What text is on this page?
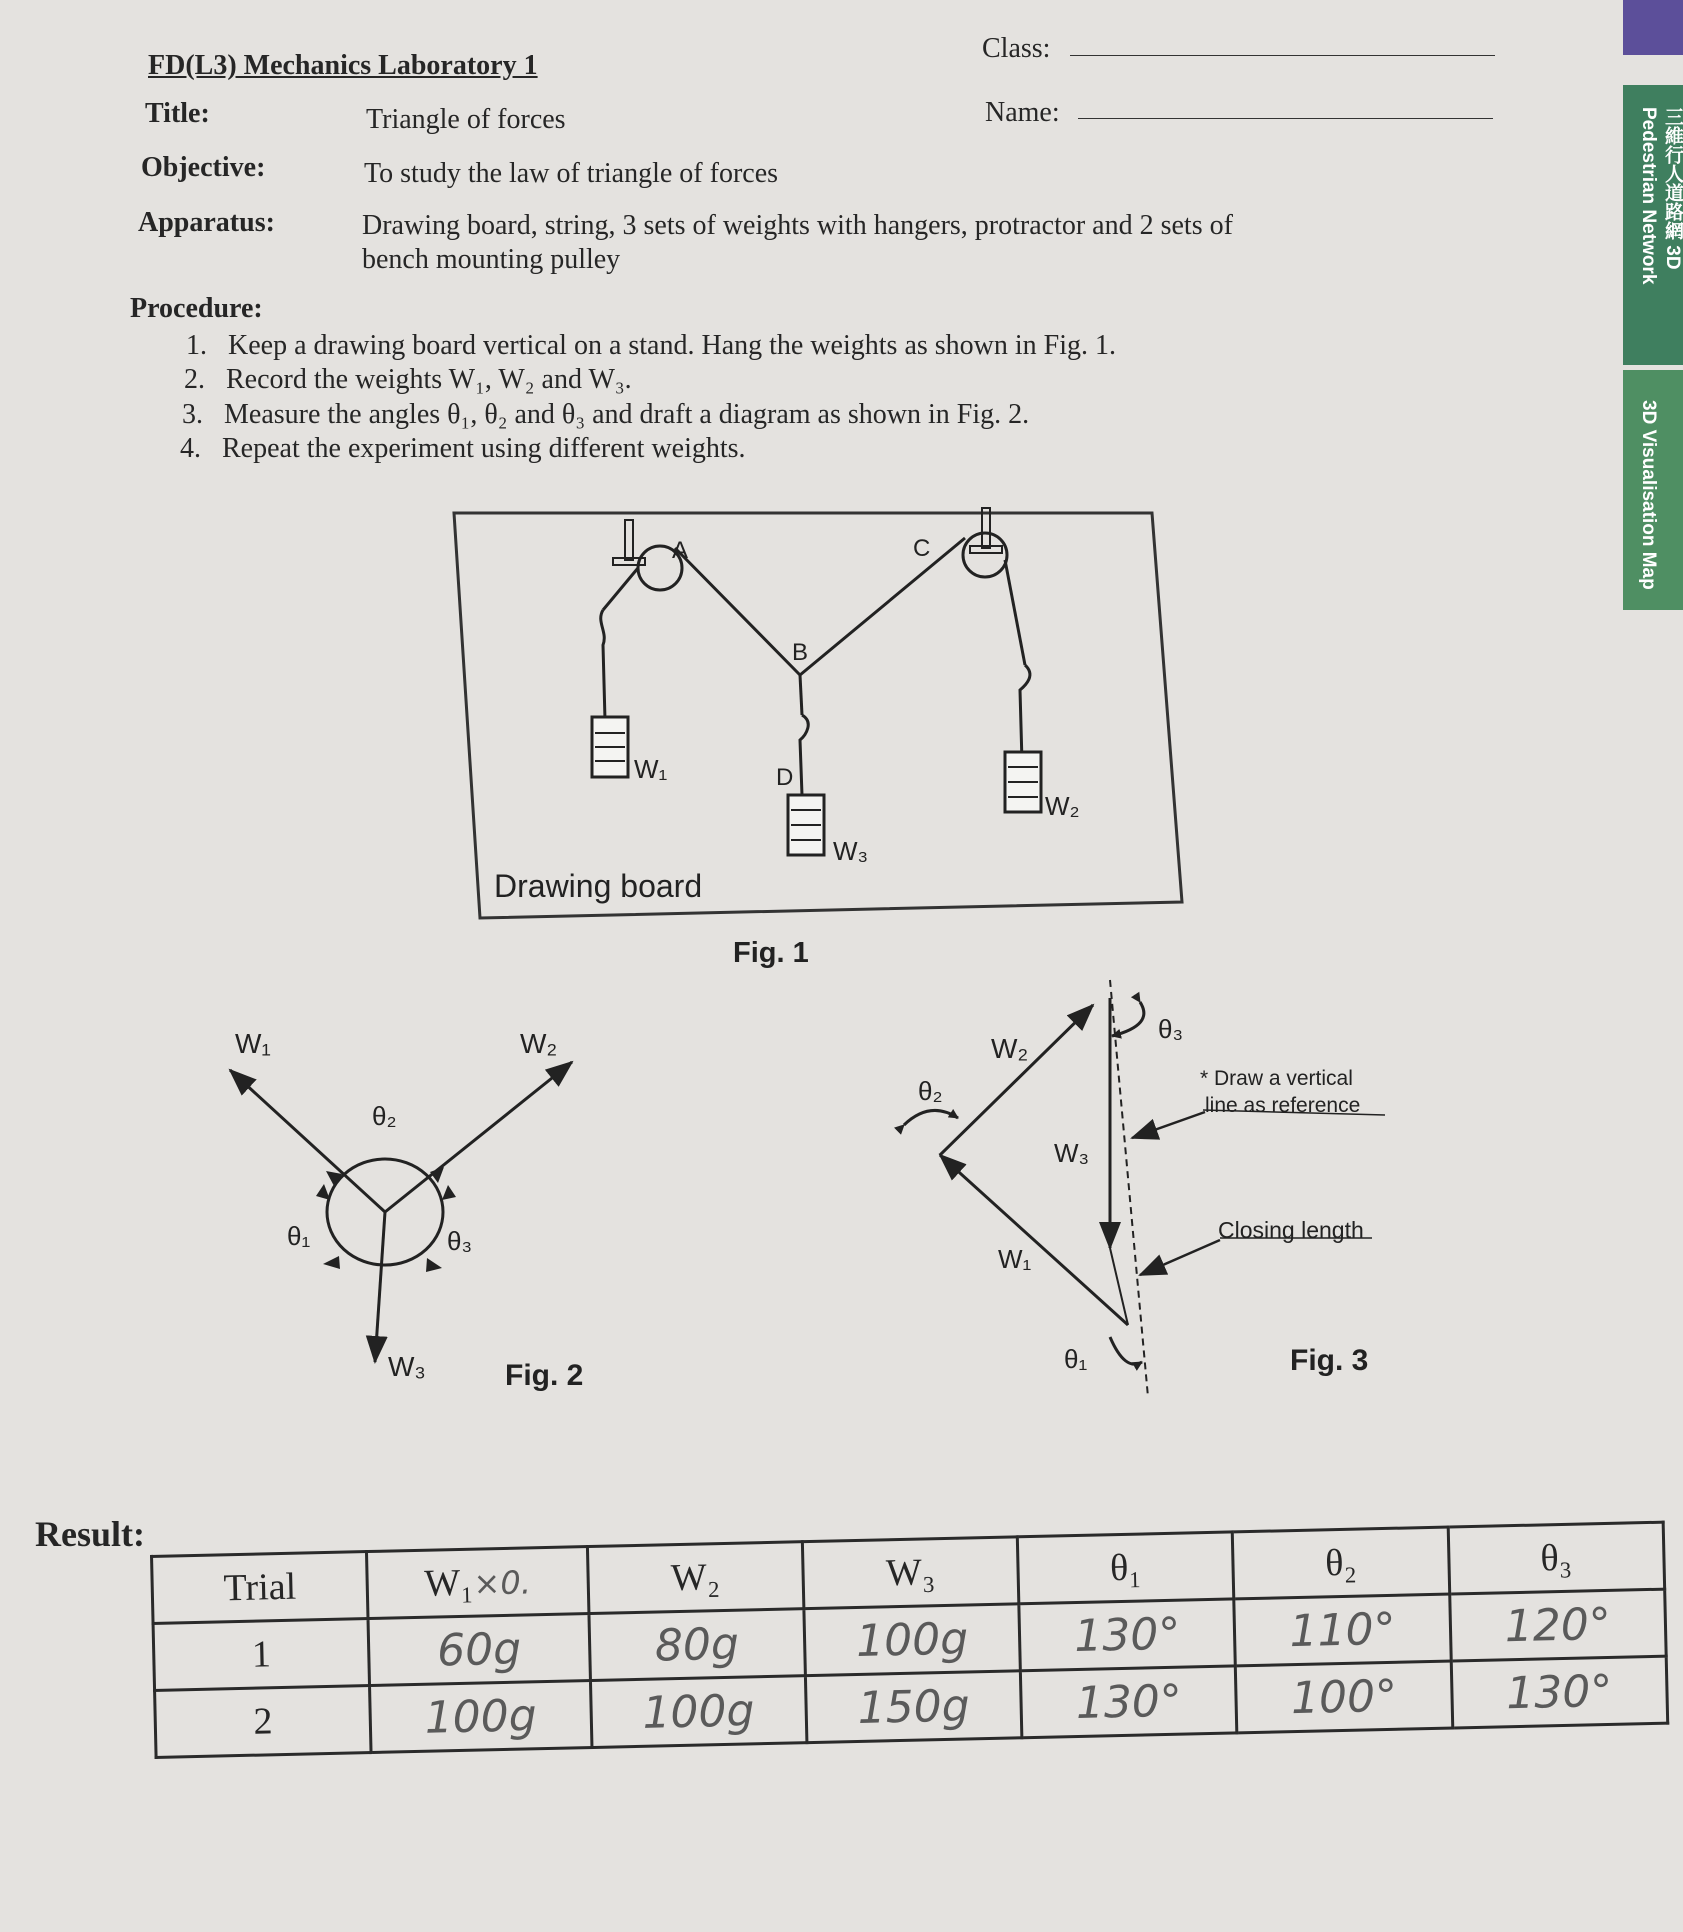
三維行人道路網 3D Pedestrian Network
3D Visualisation Map
FD(L3) Mechanics Laboratory 1
Class:
Name:
Title:	Triangle of forces
Objective:	To study the law of triangle of forces
Apparatus:	Drawing board, string, 3 sets of weights with hangers, protractor and 2 sets of
bench mounting pulley
Procedure:
1. Keep a drawing board vertical on a stand. Hang the weights as shown in Fig. 1.
2. Record the weights W₁, W₂ and W₃.
3. Measure the angles θ₁, θ₂ and θ₃ and draft a diagram as shown in Fig. 2.
4. Repeat the experiment using different weights.
A
B
C
D
W₁
W₃
W₂
Drawing board
Fig. 1
W₁	W₂
W₃
θ₂
θ₁	θ₃
Fig. 2
W₂
W₃
W₁
θ₂
θ₃
θ₁
* Draw a vertical
line as reference
Closing length
Fig. 3
Result:
Trial	W₁×0.	W₂	W₃	θ₁	θ₂	θ₃
1	60g	80g	100g	130°	110°	120°
2	100g	100g	150g	130°	100°	130°
